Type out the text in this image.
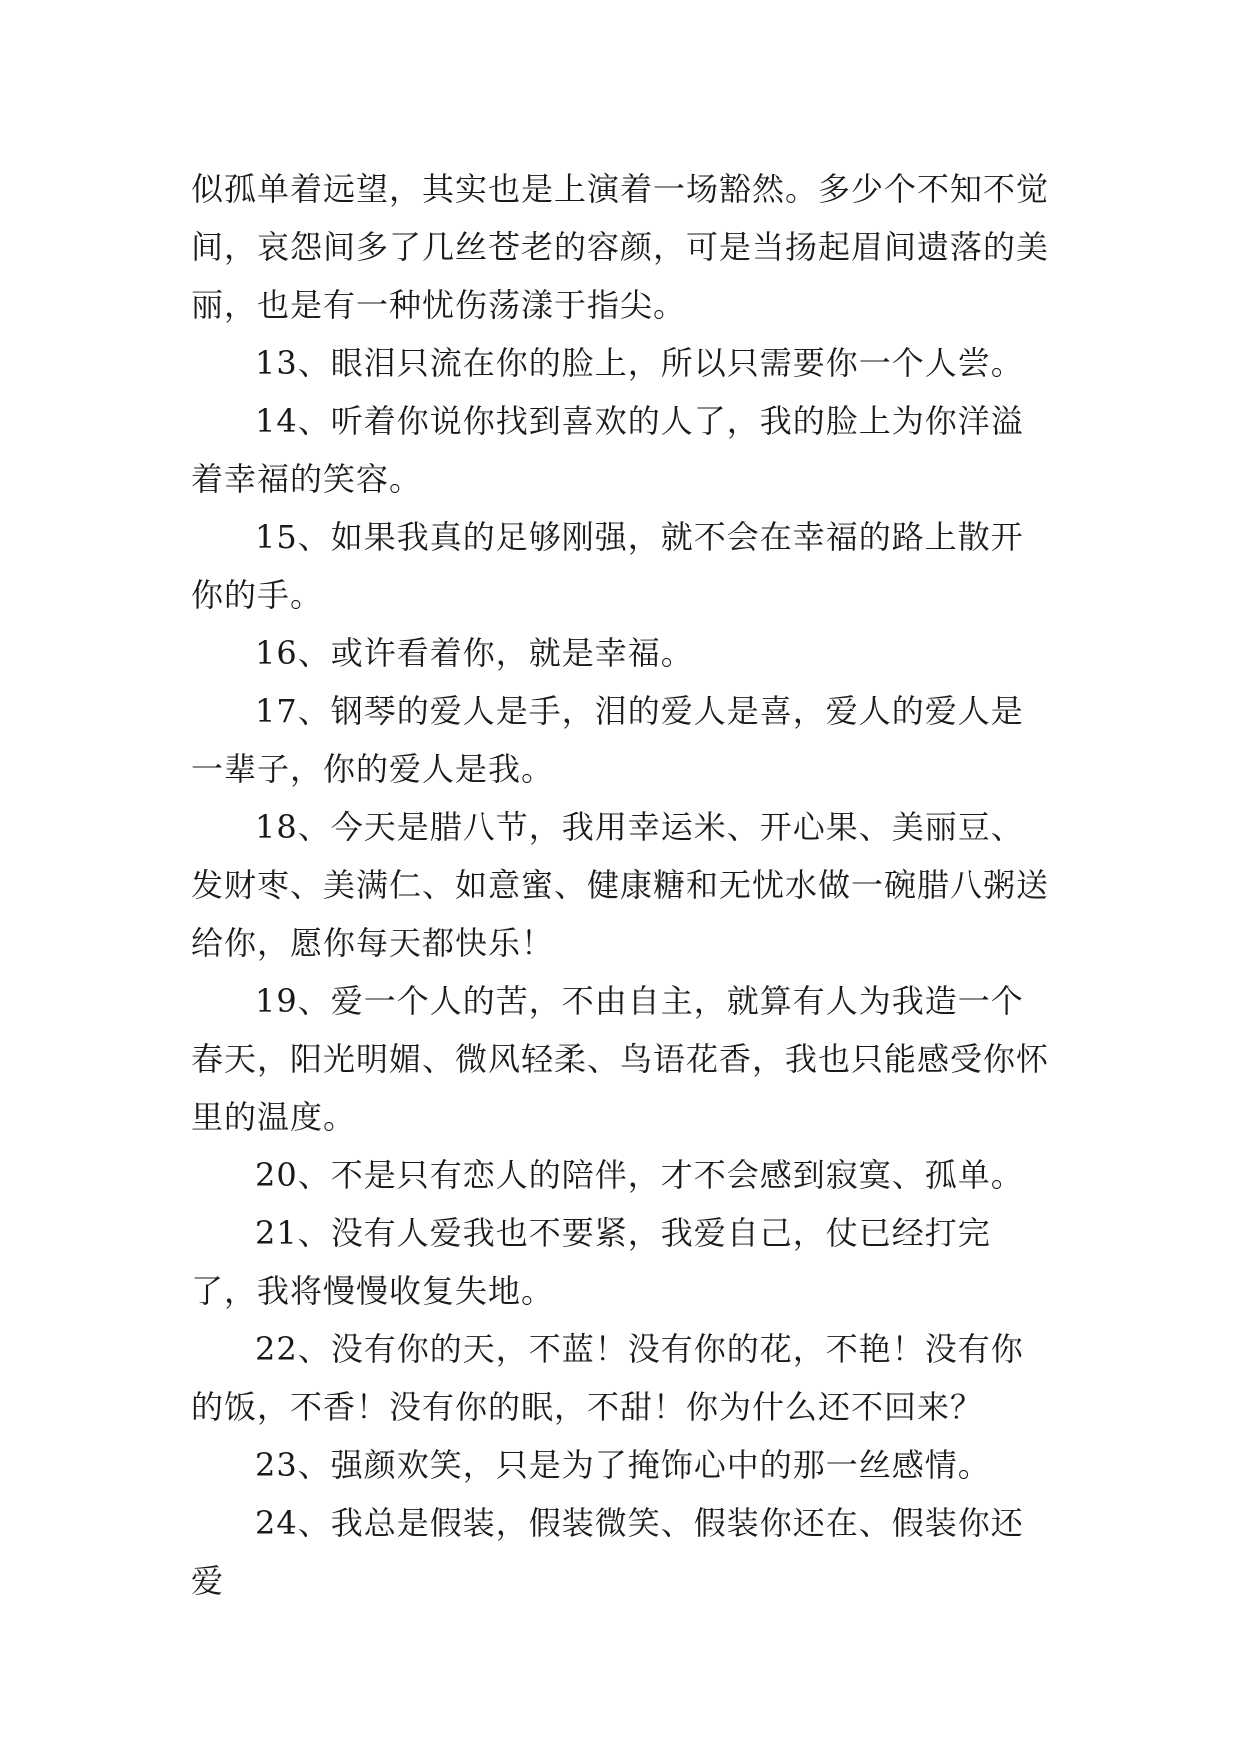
似孤单着远望，其实也是上演着一场豁然。多少个不知不觉间，哀怨间多了几丝苍老的容颜，可是当扬起眉间遗落的美丽，也是有一种忧伤荡漾于指尖。

13、眼泪只流在你的脸上，所以只需要你一个人尝。

14、听着你说你找到喜欢的人了，我的脸上为你洋溢着幸福的笑容。

15、如果我真的足够刚强，就不会在幸福的路上散开你的手。

16、或许看着你，就是幸福。

17、钢琴的爱人是手，泪的爱人是喜，爱人的爱人是一辈子，你的爱人是我。

18、今天是腊八节，我用幸运米、开心果、美丽豆、发财枣、美满仁、如意蜜、健康糖和无忧水做一碗腊八粥送给你，愿你每天都快乐！

19、爱一个人的苦，不由自主，就算有人为我造一个春天，阳光明媚、微风轻柔、鸟语花香，我也只能感受你怀里的温度。

20、不是只有恋人的陪伴，才不会感到寂寞、孤单。

21、没有人爱我也不要紧，我爱自己，仗已经打完了，我将慢慢收复失地。

22、没有你的天，不蓝！没有你的花，不艳！没有你的饭，不香！没有你的眠，不甜！你为什么还不回来？

23、强颜欢笑，只是为了掩饰心中的那一丝感情。

24、我总是假装，假装微笑、假装你还在、假装你还爱
